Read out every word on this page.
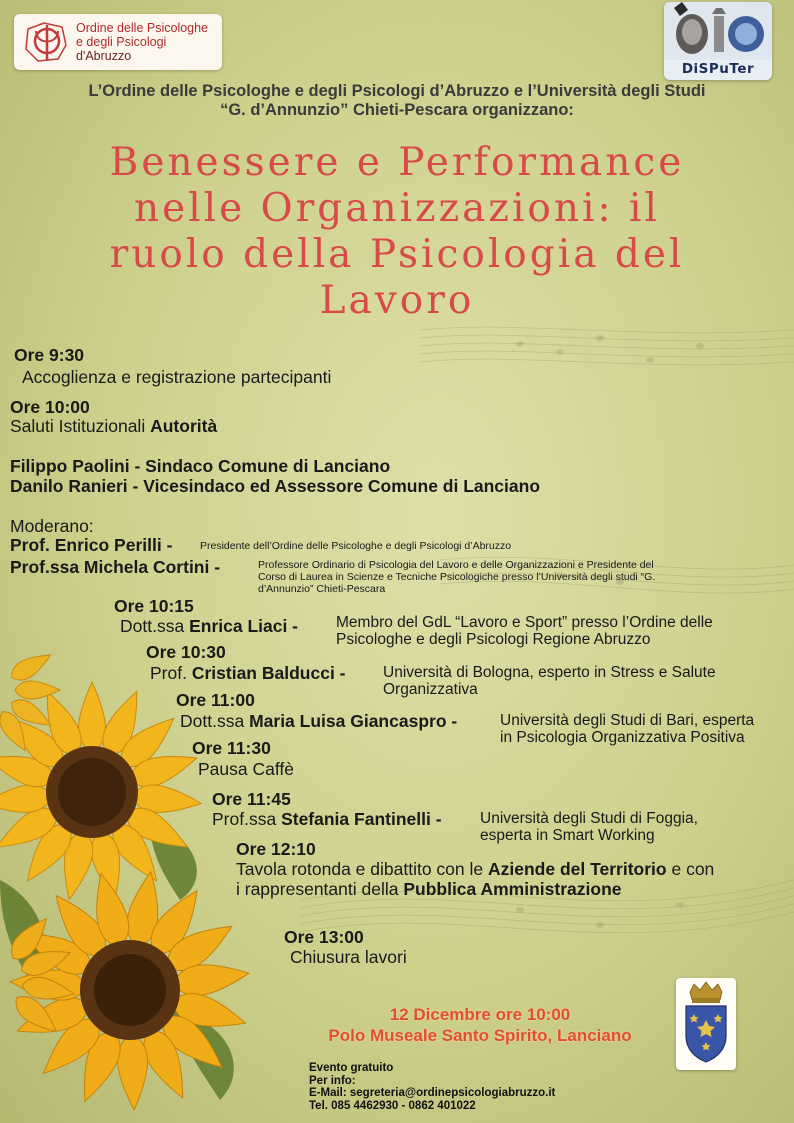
Ordine delle Psicologhe
e degli Psicologi
d'Abruzzo
DiSPuTer
L’Ordine delle Psicologhe e degli Psicologi d’Abruzzo e l’Università degli Studi
“G. d’Annunzio” Chieti-Pescara organizzano:
Benessere e Performance
nelle Organizzazioni: il
ruolo della Psicologia del
Lavoro
Ore 9:30
Accoglienza e registrazione partecipanti
Ore 10:00
Saluti Istituzionali Autorità
Filippo Paolini - Sindaco Comune di Lanciano
Danilo Ranieri - Vicesindaco ed Assessore Comune di Lanciano
Moderano:
Prof. Enrico Perilli -	Presidente dell’Ordine delle Psicologhe e degli Psicologi d’Abruzzo
Prof.ssa Michela Cortini -	Professore Ordinario di Psicologia del Lavoro e delle Organizzazioni e Presidente del
Corso di Laurea in Scienze e Tecniche Psicologiche presso l’Università degli studi “G.
d’Annunzio” Chieti-Pescara
Ore 10:15
Dott.ssa Enrica Liaci - Membro del GdL “Lavoro e Sport” presso l’Ordine delle
Psicologhe e degli Psicologi Regione Abruzzo
Ore 10:30
Prof. Cristian Balducci - Università di Bologna, esperto in Stress e Salute
Organizzativa
Ore 11:00
Dott.ssa Maria Luisa Giancaspro -	Università degli Studi di Bari, esperta
in Psicologia Organizzativa Positiva
Ore 11:30
Pausa Caffè
Ore 11:45
Prof.ssa Stefania Fantinelli - Università degli Studi di Foggia,
esperta in Smart Working
Ore 12:10
Tavola rotonda e dibattito con le Aziende del Territorio e con
i rappresentanti della Pubblica Amministrazione
Ore 13:00
Chiusura lavori
12 Dicembre ore 10:00
Polo Museale Santo Spirito, Lanciano
Evento gratuito
Per info:
E-Mail: segreteria@ordinepsicologiabruzzo.it
Tel. 085 4462930 - 0862 401022
